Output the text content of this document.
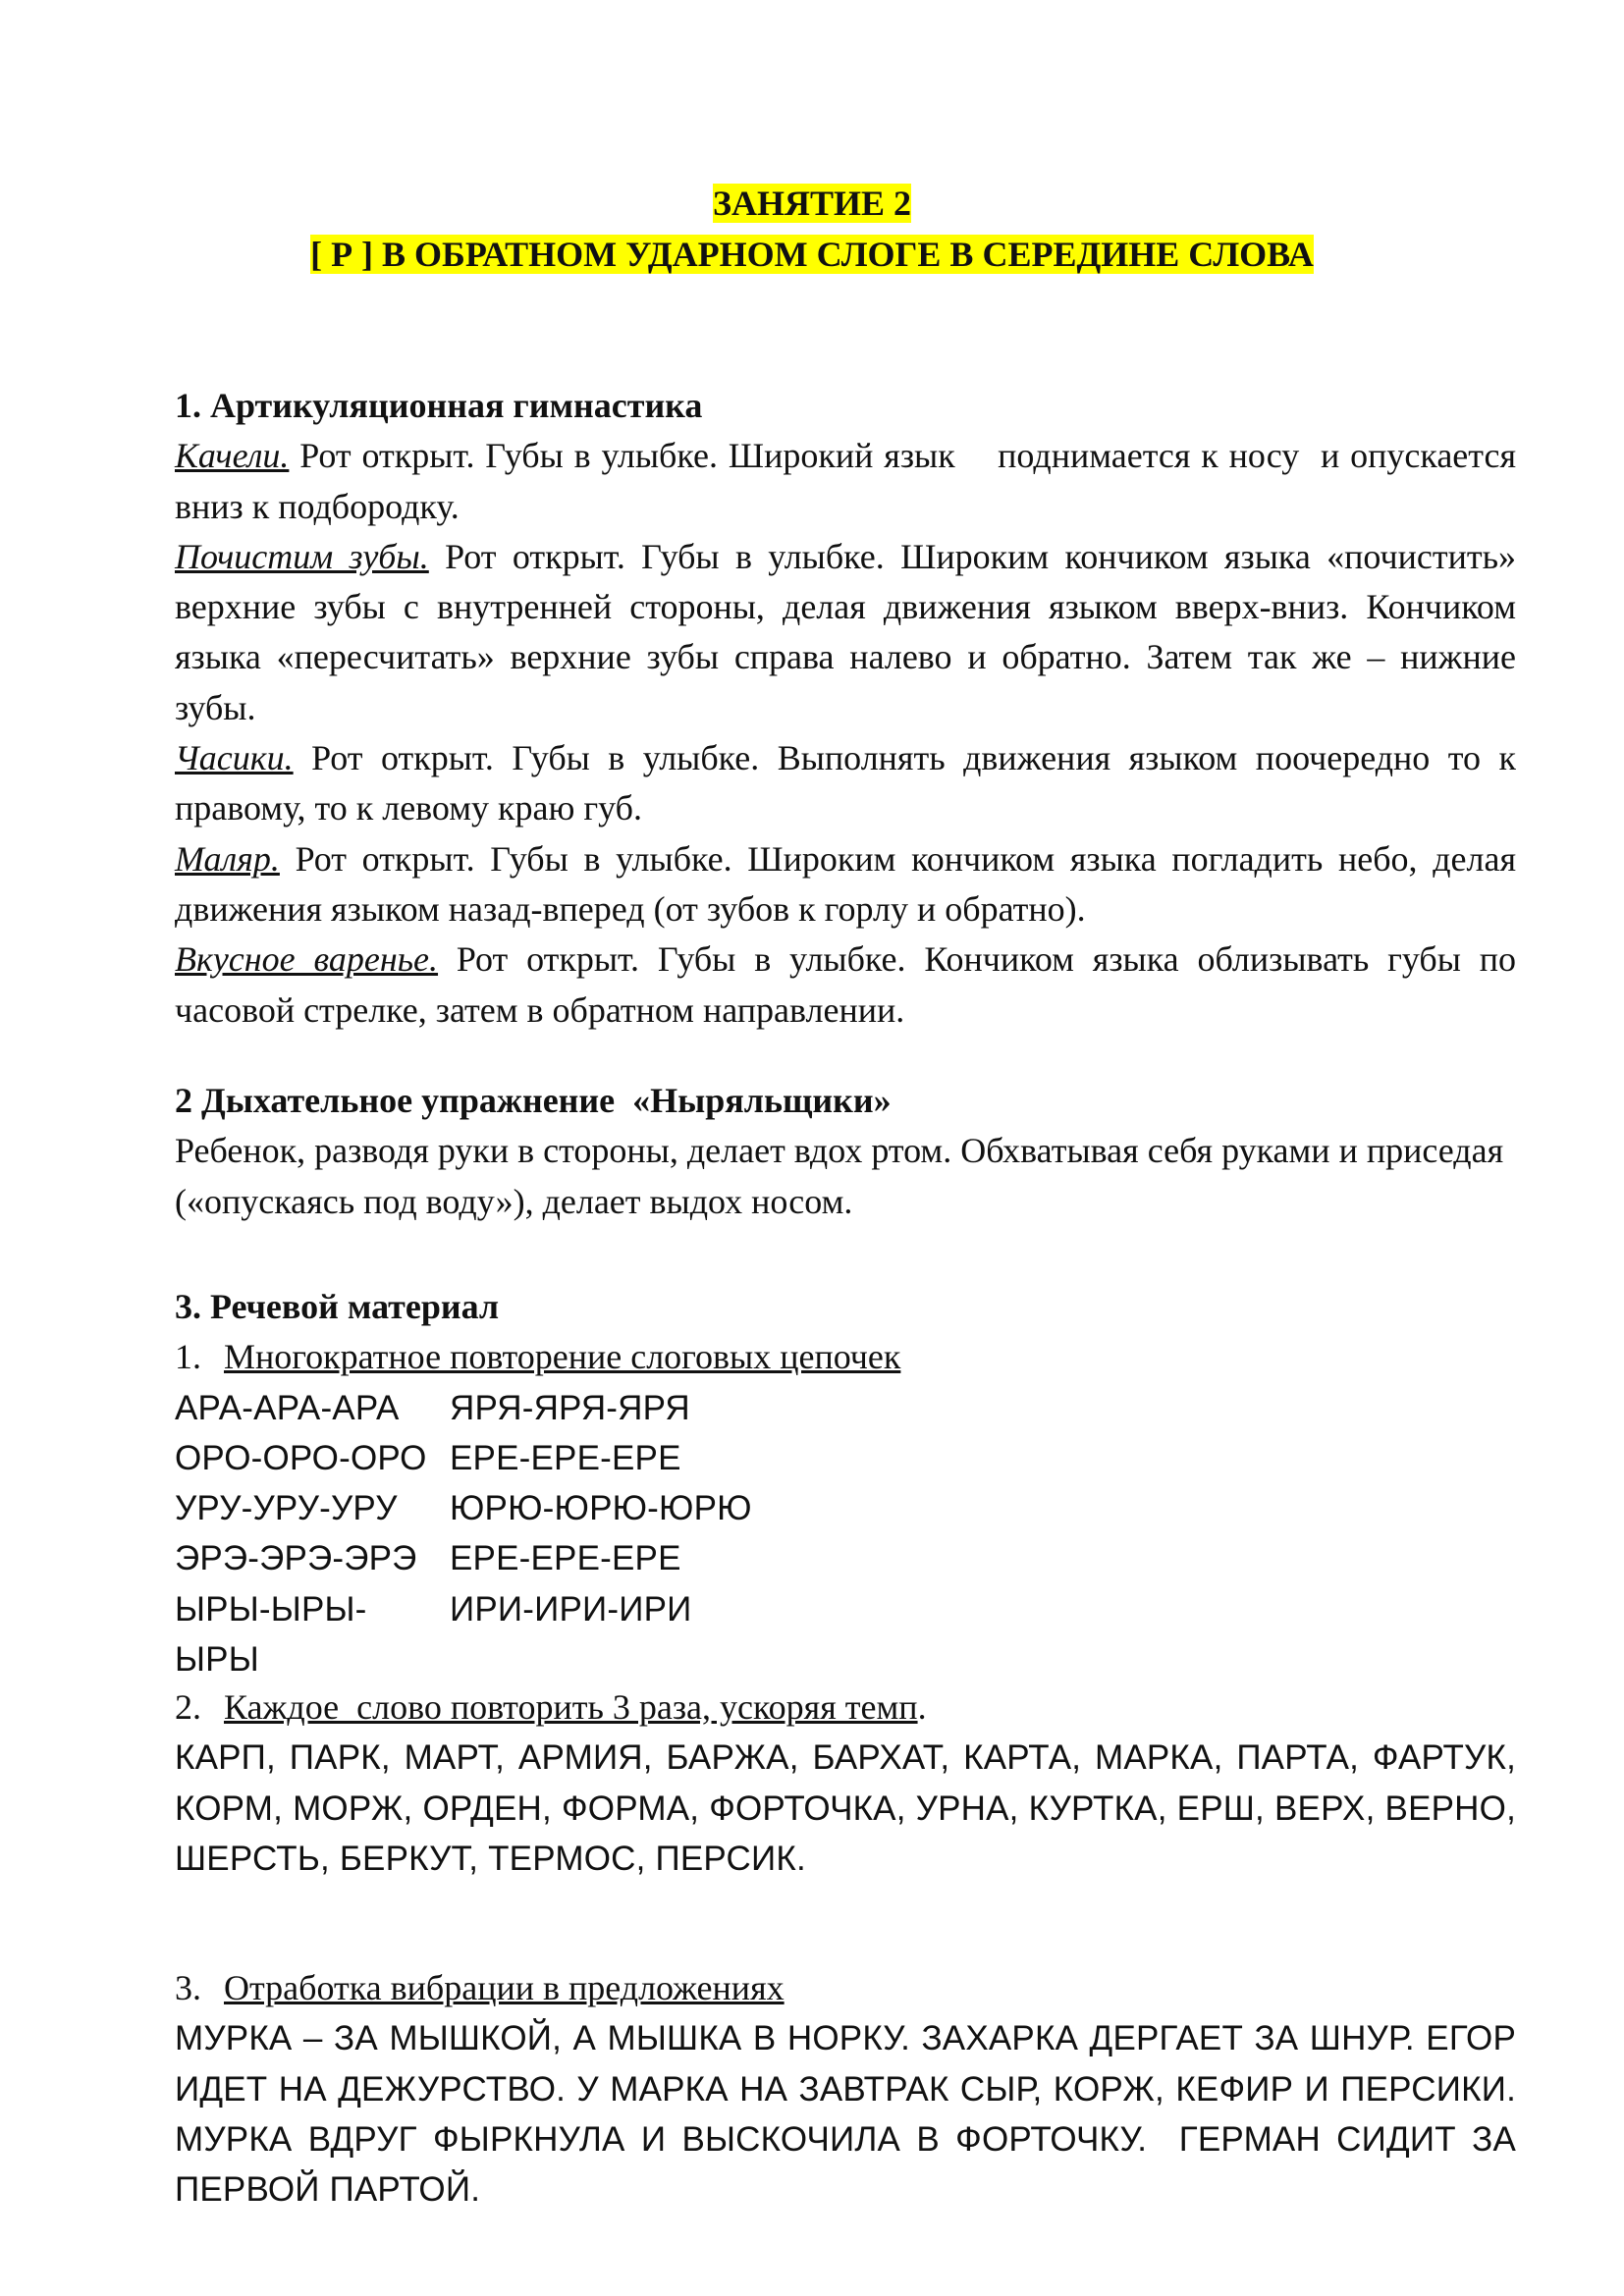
ЗАНЯТИЕ 2
[ Р ] В ОБРАТНОМ УДАРНОМ СЛОГЕ В СЕРЕДИНЕ СЛОВА
1. Артикуляционная гимнастика
Качели. Рот открыт. Губы в улыбке. Широкий язык    поднимается к носу  и опускается вниз к подбородку.
Почистим зубы. Рот открыт. Губы в улыбке. Широким кончиком языка «почистить» верхние зубы с внутренней стороны, делая движения языком вверх-вниз. Кончиком языка «пересчитать» верхние зубы справа налево и обратно. Затем так же – нижние зубы.
Часики. Рот открыт. Губы в улыбке. Выполнять движения языком поочередно то к правому, то к левому краю губ.
Маляр. Рот открыт. Губы в улыбке. Широким кончиком языка погладить небо, делая движения языком назад-вперед (от зубов к горлу и обратно).
Вкусное варенье. Рот открыт. Губы в улыбке. Кончиком языка облизывать губы по часовой стрелке, затем в обратном направлении.
2 Дыхательное упражнение  «Ныряльщики»
Ребенок, разводя руки в стороны, делает вдох ртом. Обхватывая себя руками и приседая («опускаясь под воду»), делает выдох носом.
3. Речевой материал
1. Многократное повторение слоговых цепочек
АРА-АРА-АРА	ЯРЯ-ЯРЯ-ЯРЯ
ОРО-ОРО-ОРО ЕРЕ-ЕРЕ-ЕРЕ
УРУ-УРУ-УРУ	ЮРЮ-ЮРЮ-ЮРЮ
ЭРЭ-ЭРЭ-ЭРЭ ЕРЕ-ЕРЕ-ЕРЕ
ЫРЫ-ЫРЫ-ЫРЫ
ИРИ-ИРИ-ИРИ
2. Каждое  слово повторить 3 раза, ускоряя темп.
КАРП, ПАРК, МАРТ, АРМИЯ, БАРЖА, БАРХАТ, КАРТА, МАРКА, ПАРТА, ФАРТУК, КОРМ, МОРЖ, ОРДЕН, ФОРМА, ФОРТОЧКА, УРНА, КУРТКА, ЕРШ, ВЕРХ, ВЕРНО, ШЕРСТЬ, БЕРКУТ, ТЕРМОС, ПЕРСИК.
3. Отработка вибрации в предложениях
МУРКА – ЗА МЫШКОЙ, А МЫШКА В НОРКУ. ЗАХАРКА ДЕРГАЕТ ЗА ШНУР. ЕГОР ИДЕТ НА ДЕЖУРСТВО. У МАРКА НА ЗАВТРАК СЫР, КОРЖ, КЕФИР И ПЕРСИКИ. МУРКА ВДРУГ ФЫРКНУЛА И ВЫСКОЧИЛА В ФОРТОЧКУ.  ГЕРМАН СИДИТ ЗА ПЕРВОЙ ПАРТОЙ.
